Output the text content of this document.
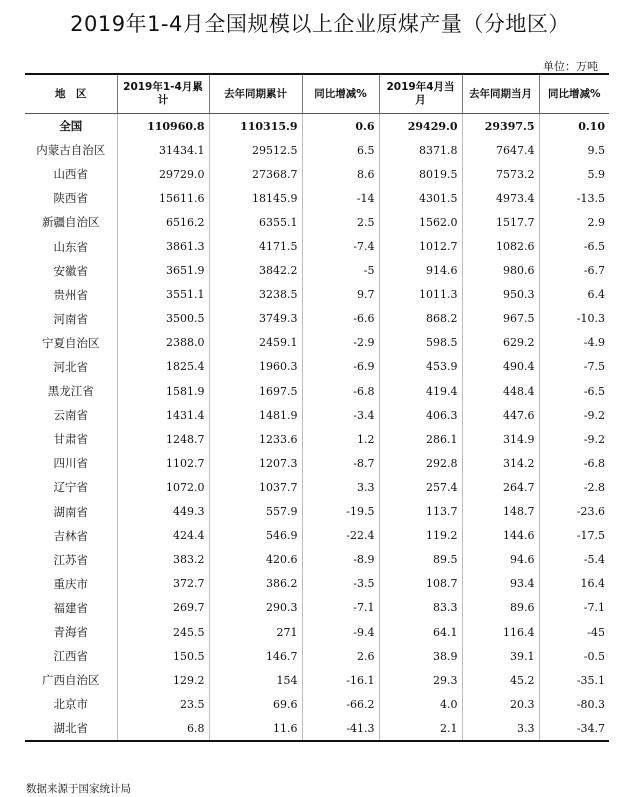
2019年1-4月全国规模以上企业原煤产量（分地区）
单位：万吨
地　区	2019年1-4月累计	去年同期累计	同比增减%	2019年4月当月	去年同期当月	同比增减%
全国	110960.8	110315.9	0.6	29429.0	29397.5	0.10
内蒙古自治区	31434.1	29512.5	6.5	8371.8	7647.4	9.5
山西省	29729.0	27368.7	8.6	8019.5	7573.2	5.9
陕西省	15611.6	18145.9	-14	4301.5	4973.4	-13.5
新疆自治区	6516.2	6355.1	2.5	1562.0	1517.7	2.9
山东省	3861.3	4171.5	-7.4	1012.7	1082.6	-6.5
安徽省	3651.9	3842.2	-5	914.6	980.6	-6.7
贵州省	3551.1	3238.5	9.7	1011.3	950.3	6.4
河南省	3500.5	3749.3	-6.6	868.2	967.5	-10.3
宁夏自治区	2388.0	2459.1	-2.9	598.5	629.2	-4.9
河北省	1825.4	1960.3	-6.9	453.9	490.4	-7.5
黑龙江省	1581.9	1697.5	-6.8	419.4	448.4	-6.5
云南省	1431.4	1481.9	-3.4	406.3	447.6	-9.2
甘肃省	1248.7	1233.6	1.2	286.1	314.9	-9.2
四川省	1102.7	1207.3	-8.7	292.8	314.2	-6.8
辽宁省	1072.0	1037.7	3.3	257.4	264.7	-2.8
湖南省	449.3	557.9	-19.5	113.7	148.7	-23.6
吉林省	424.4	546.9	-22.4	119.2	144.6	-17.5
江苏省	383.2	420.6	-8.9	89.5	94.6	-5.4
重庆市	372.7	386.2	-3.5	108.7	93.4	16.4
福建省	269.7	290.3	-7.1	83.3	89.6	-7.1
青海省	245.5	271	-9.4	64.1	116.4	-45
江西省	150.5	146.7	2.6	38.9	39.1	-0.5
广西自治区	129.2	154	-16.1	29.3	45.2	-35.1
北京市	23.5	69.6	-66.2	4.0	20.3	-80.3
湖北省	6.8	11.6	-41.3	2.1	3.3	-34.7
数据来源于国家统计局
